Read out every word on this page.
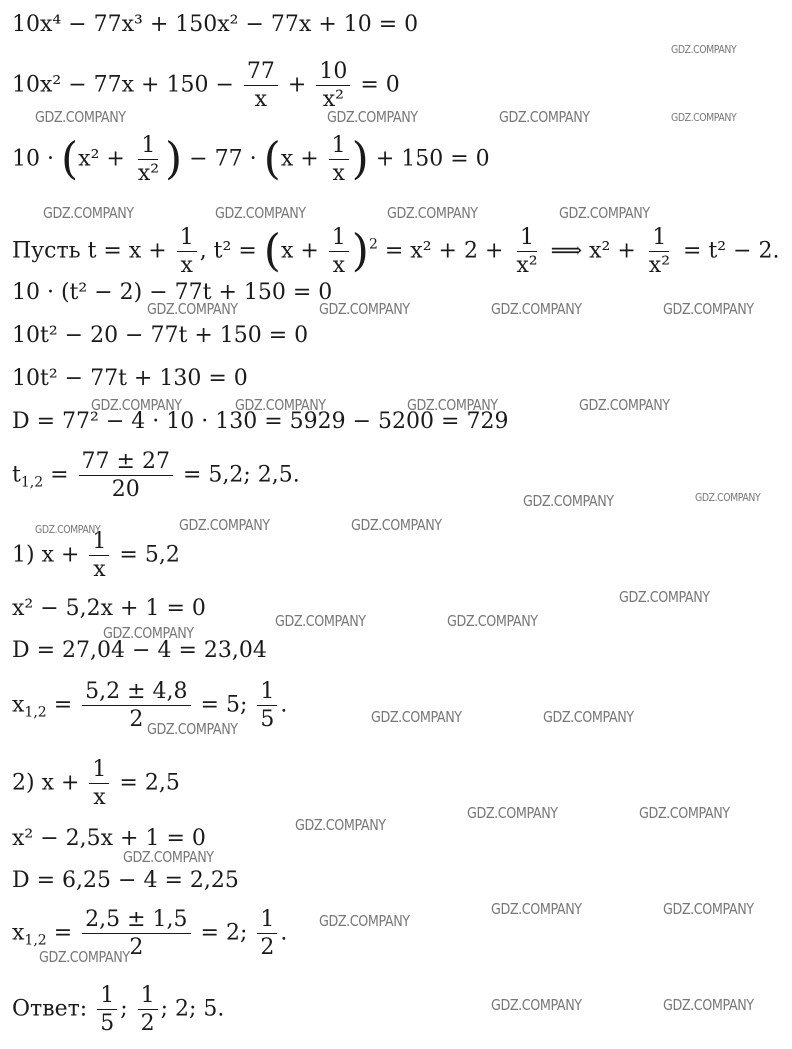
10x⁴ − 77x³ + 150x² − 77x + 10 = 0
$10x^2 - 77x + 150 - \frac{77}{x} + \frac{10}{\text{x²}} = 0$
$10 \cdot (x^2 + \frac{1}{\text{x²}}$ ) − $77 \cdot (x + \frac{1}{x}$ ) + 150 = 0
Пусть $t = x + \frac{1}{x}$ , $t^2 = (x + \frac{1}{x} )^2 = x^2 + 2 + \frac{1}{\text{x²}}$ ⟹ $x^2 + \frac{1}{\text{x²}} = t^2 - 2$.
10 · (t² − 2) − 77t + 150 = 0
10t² − 20 − 77t + 150 = 0
10t² − 77t + 130 = 0
D = 77² − 4 · 10 · 130 = 5929 − 5200 = 729
$t_{1,2} = \frac{77 \pm 27}{20} = 5,2$; 2,5.
1) $x + \frac{1}{x} = 5,2$
x² − 5,2x + 1 = 0
D = 27,04 − 4 = 23,04
$x_{1,2} = \frac{5,2 \pm 4,8}{2} = 5$; $\frac{1}{5}$ .
2) $x + \frac{1}{x} = 2,5$
x² − 2,5x + 1 = 0
D = 6,25 − 4 = 2,25
$x_{1,2} = \frac{2,5 \pm 1,5}{2} = 2$; $\frac{1}{2}$ .
Ответ: $\frac{1}{5}$ ; $\frac{1}{2}$ ; 2; 5.
GDZ.COMPANY
GDZ.COMPANY	GDZ.COMPANY	GDZ.COMPANY	GDZ.COMPANY
GDZ.COMPANY	GDZ.COMPANY	GDZ.COMPANY	GDZ.COMPANY
GDZ.COMPANY	GDZ.COMPANY	GDZ.COMPANY	GDZ.COMPANY
GDZ.COMPANY	GDZ.COMPANY	GDZ.COMPANY	GDZ.COMPANY
GDZ.COMPANY	GDZ.COMPANY
GDZ.COMPANY	GDZ.COMPANY	GDZ.COMPANY
GDZ.COMPANY
GDZ.COMPANY	GDZ.COMPANY
GDZ.COMPANY
GDZ.COMPANY	GDZ.COMPANY
GDZ.COMPANY
GDZ.COMPANY	GDZ.COMPANY
GDZ.COMPANY
GDZ.COMPANY
GDZ.COMPANY	GDZ.COMPANY
GDZ.COMPANY
GDZ.COMPANY
GDZ.COMPANY	GDZ.COMPANY
